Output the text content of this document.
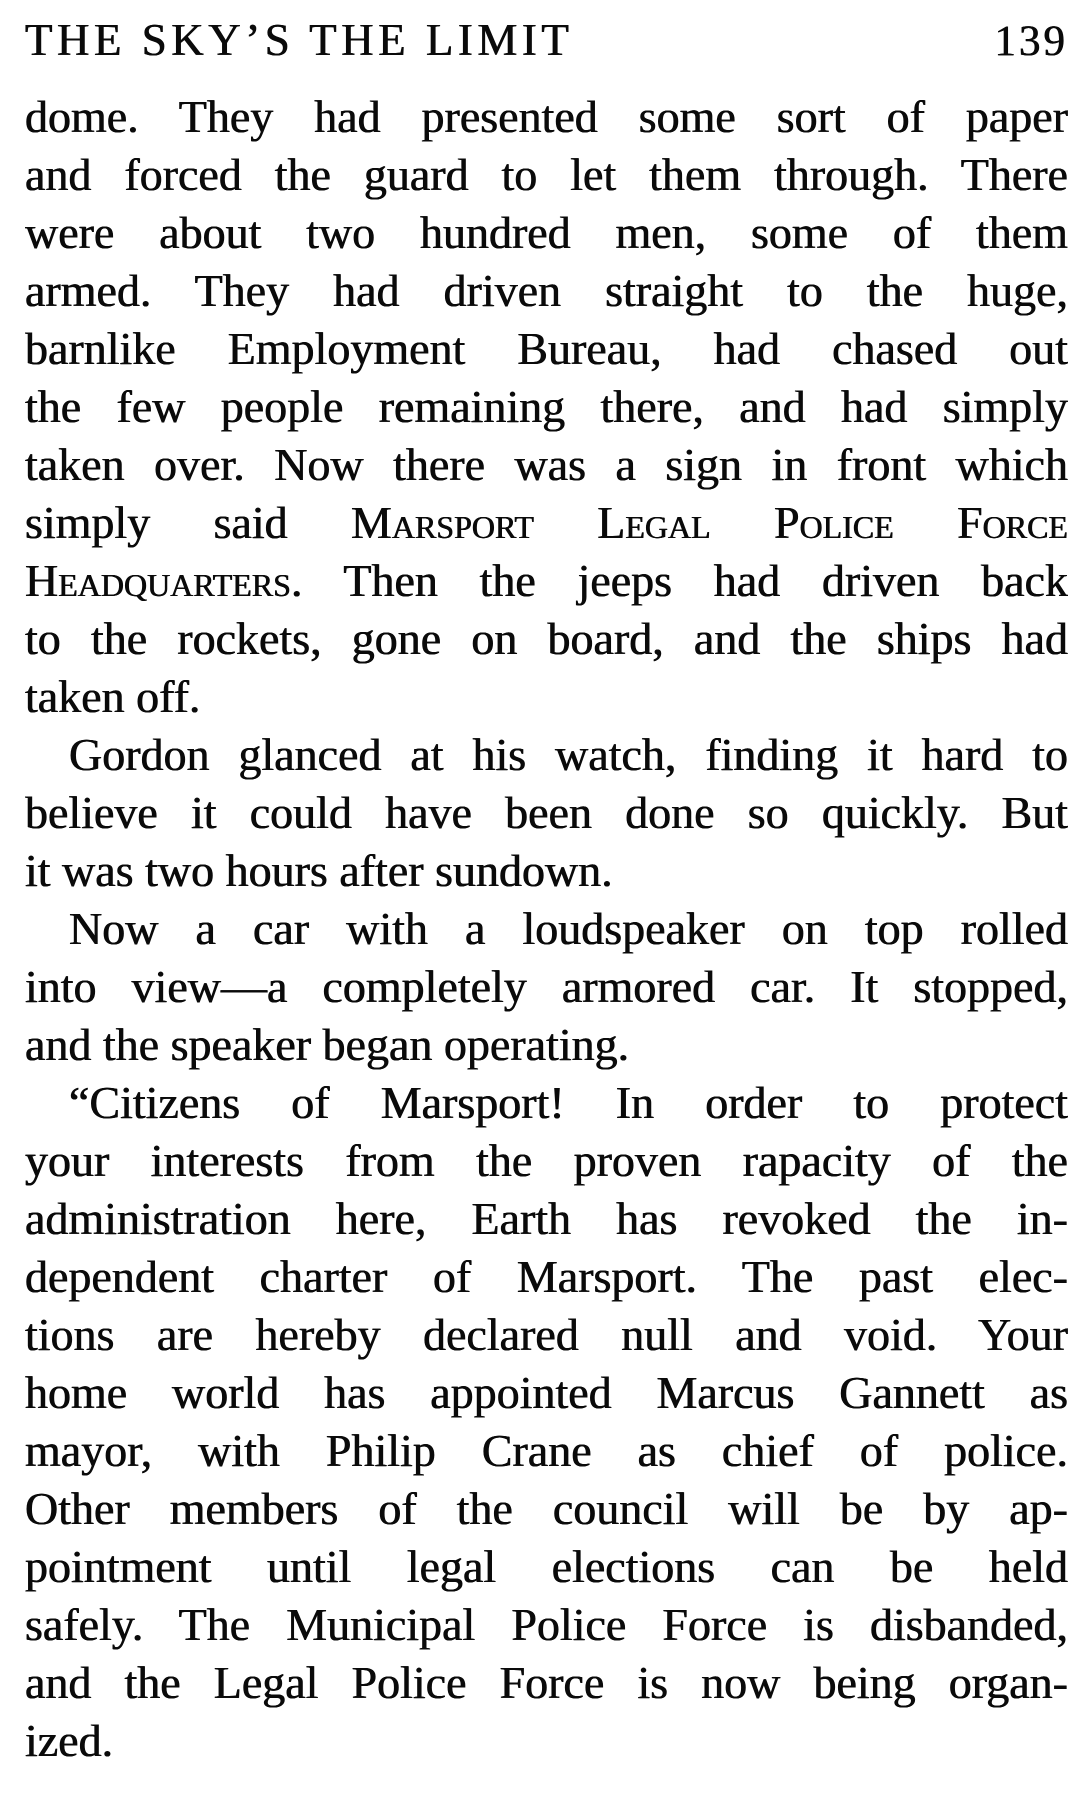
THE SKY’S THE LIMIT	139
dome. They had presented some sort of paper
and forced the guard to let them through. There
were about two hundred men, some of them
armed. They had driven straight to the huge,
barnlike Employment Bureau, had chased out
the few people remaining there, and had simply
taken over. Now there was a sign in front which
simply said Marsport Legal Police Force
Headquarters. Then the jeeps had driven back
to the rockets, gone on board, and the ships had
taken off.
Gordon glanced at his watch, finding it hard to
believe it could have been done so quickly. But
it was two hours after sundown.
Now a car with a loudspeaker on top rolled
into view—a completely armored car. It stopped,
and the speaker began operating.
“Citizens of Marsport! In order to protect
your interests from the proven rapacity of the
administration here, Earth has revoked the in-
dependent charter of Marsport. The past elec-
tions are hereby declared null and void. Your
home world has appointed Marcus Gannett as
mayor, with Philip Crane as chief of police.
Other members of the council will be by ap-
pointment until legal elections can be held
safely. The Municipal Police Force is disbanded,
and the Legal Police Force is now being organ-
ized.
